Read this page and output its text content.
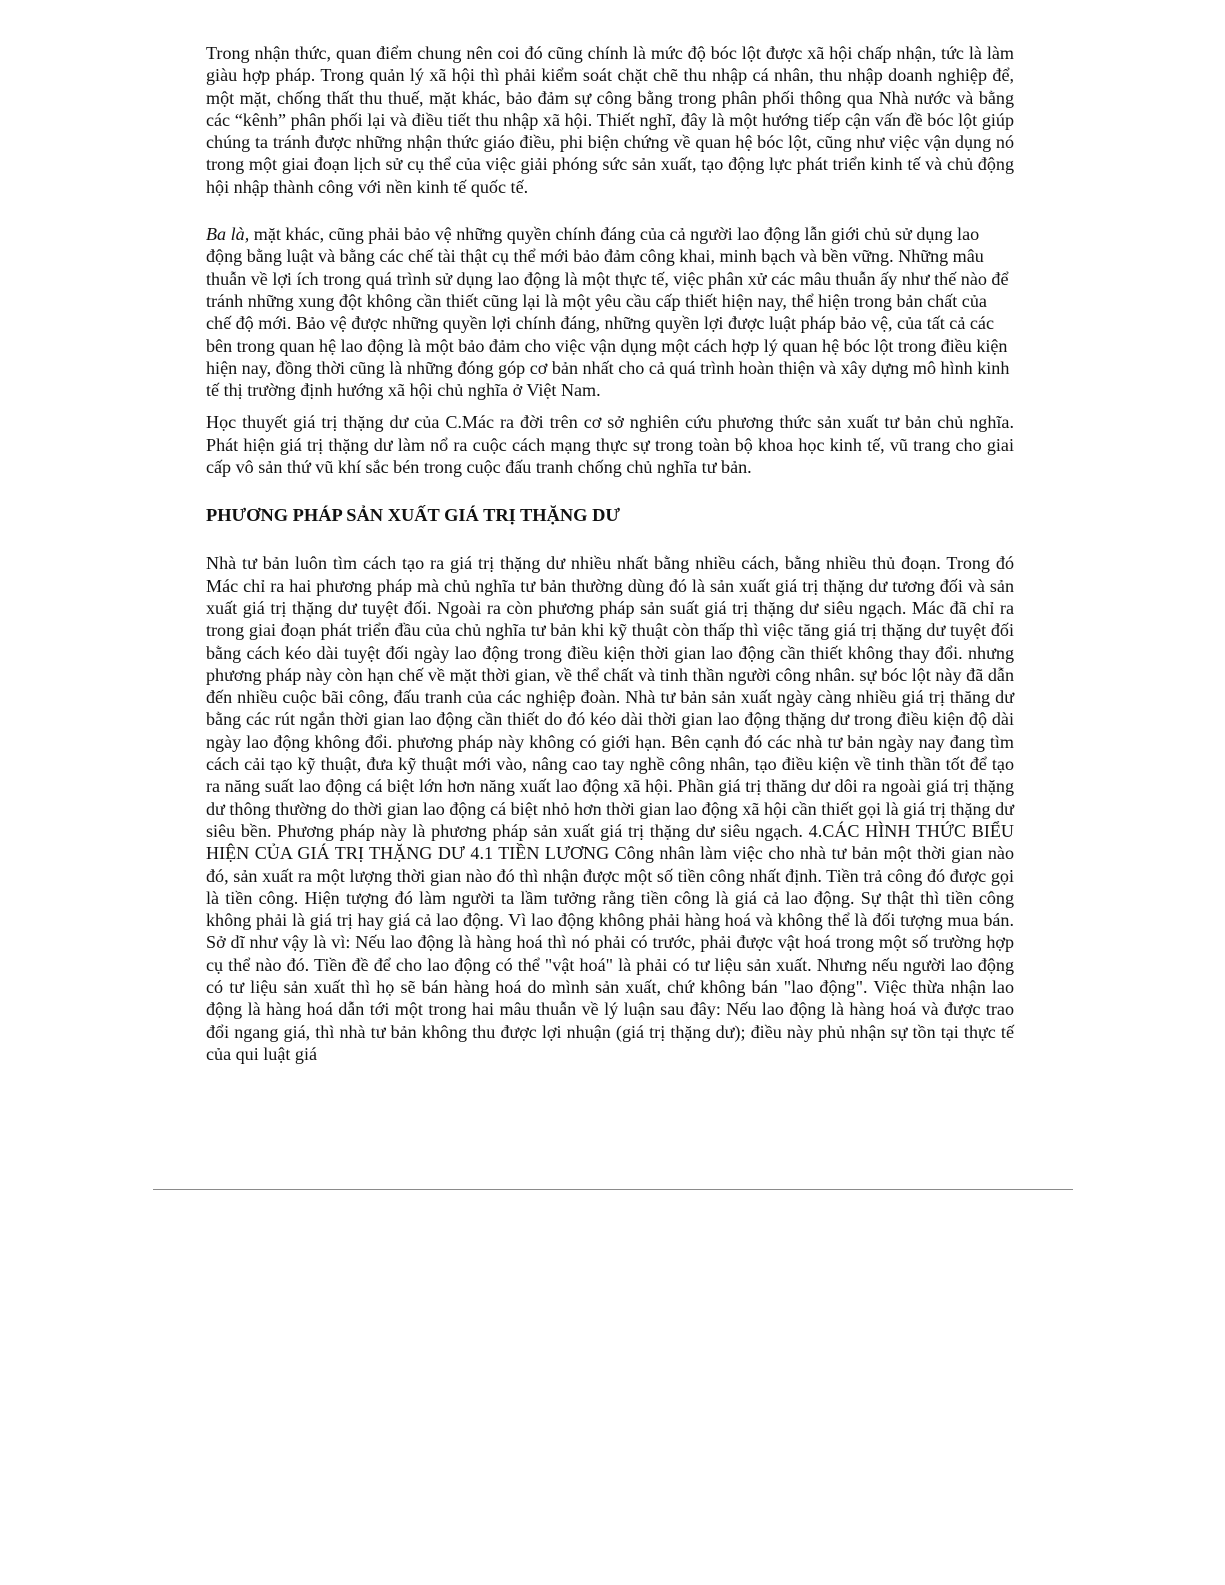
Trong nhận thức, quan điểm chung nên coi đó cũng chính là mức độ bóc lột được xã hội chấp nhận, tức là làm giàu hợp pháp. Trong quản lý xã hội thì phải kiểm soát chặt chẽ thu nhập cá nhân, thu nhập doanh nghiệp để, một mặt, chống thất thu thuế, mặt khác, bảo đảm sự công bằng trong phân phối thông qua Nhà nước và bằng các “kênh” phân phối lại và điều tiết thu nhập xã hội. Thiết nghĩ, đây là một hướng tiếp cận vấn đề bóc lột giúp chúng ta tránh được những nhận thức giáo điều, phi biện chứng về quan hệ bóc lột, cũng như việc vận dụng nó trong một giai đoạn lịch sử cụ thể của việc giải phóng sức sản xuất, tạo động lực phát triển kinh tế và chủ động hội nhập thành công với nền kinh tế quốc tế.

Ba là, mặt khác, cũng phải bảo vệ những quyền chính đáng của cả người lao động lẫn giới chủ sử dụng lao động bằng luật và bằng các chế tài thật cụ thể mới bảo đảm công khai, minh bạch và bền vững. Những mâu thuẫn về lợi ích trong quá trình sử dụng lao động là một thực tế, việc phân xử các mâu thuẫn ấy như thế nào để tránh những xung đột không cần thiết cũng lại là một yêu cầu cấp thiết hiện nay, thể hiện trong bản chất của chế độ mới. Bảo vệ được những quyền lợi chính đáng, những quyền lợi được luật pháp bảo vệ, của tất cả các bên trong quan hệ lao động là một bảo đảm cho việc vận dụng một cách hợp lý quan hệ bóc lột trong điều kiện hiện nay, đồng thời cũng là những đóng góp cơ bản nhất cho cả quá trình hoàn thiện và xây dựng mô hình kinh tế thị trường định hướng xã hội chủ nghĩa ở Việt Nam.

Học thuyết giá trị thặng dư của C.Mác ra đời trên cơ sở nghiên cứu phương thức sản xuất tư bản chủ nghĩa. Phát hiện giá trị thặng dư làm nổ ra cuộc cách mạng thực sự trong toàn bộ khoa học kinh tế, vũ trang cho giai cấp vô sản thứ vũ khí sắc bén trong cuộc đấu tranh chống chủ nghĩa tư bản.

PHƯƠNG PHÁP SẢN XUẤT GIÁ TRỊ THẶNG DƯ

Nhà tư bản luôn tìm cách tạo ra giá trị thặng dư nhiều nhất bằng nhiều cách, bằng nhiều thủ đoạn. Trong đó Mác chỉ ra hai phương pháp mà chủ nghĩa tư bản thường dùng đó là sản xuất giá trị thặng dư tương đối và sản xuất giá trị thặng dư tuyệt đối. Ngoài ra còn phương pháp sản suất giá trị thặng dư siêu ngạch. Mác đã chỉ ra trong giai đoạn phát triển đầu của chủ nghĩa tư bản khi kỹ thuật còn thấp thì việc tăng giá trị thặng dư tuyệt đối bằng cách kéo dài tuyệt đối ngày lao động trong điều kiện thời gian lao động cần thiết không thay đổi. nhưng phương pháp này còn hạn chế về mặt thời gian, về thể chất và tinh thần người công nhân. sự bóc lột này đã dẫn đến nhiều cuộc bãi công, đấu tranh của các nghiệp đoàn. Nhà tư bản sản xuất ngày càng nhiều giá trị thăng dư bằng các rút ngắn thời gian lao động cần thiết do đó kéo dài thời gian lao động thặng dư trong điều kiện độ dài ngày lao động không đổi. phương pháp này không có giới hạn. Bên cạnh đó các nhà tư bản ngày nay đang tìm cách cải tạo kỹ thuật, đưa kỹ thuật mới vào, nâng cao tay nghề công nhân, tạo điều kiện về tinh thần tốt để tạo ra năng suất lao động cá biệt lớn hơn năng xuất lao động xã hội. Phần giá trị thăng dư dôi ra ngoài giá trị thặng dư thông thường do thời gian lao động cá biệt nhỏ hơn thời gian lao động xã hội cần thiết gọi là giá trị thặng dư siêu bền. Phương pháp này là phương pháp sản xuất giá trị thặng dư siêu ngạch. 4.CÁC HÌNH THỨC BIỂU HIỆN CỦA GIÁ TRỊ THẶNG DƯ 4.1 TIỀN LƯƠNG Công nhân làm việc cho nhà tư bản một thời gian nào đó, sản xuất ra một lượng thời gian nào đó thì nhận được một số tiền công nhất định. Tiền trả công đó được gọi là tiền công. Hiện tượng đó làm người ta lầm tưởng rằng tiền công là giá cả lao động. Sự thật thì tiền công không phải là giá trị hay giá cả lao động. Vì lao động không phải hàng hoá và không thể là đối tượng mua bán. Sở dĩ như vậy là vì: Nếu lao động là hàng hoá thì nó phải có trước, phải được vật hoá trong một số trường hợp cụ thể nào đó. Tiền đề để cho lao động có thể "vật hoá" là phải có tư liệu sản xuất. Nhưng nếu người lao động có tư liệu sản xuất thì họ sẽ bán hàng hoá do mình sản xuất, chứ không bán "lao động". Việc thừa nhận lao động là hàng hoá dẫn tới một trong hai mâu thuẫn về lý luận sau đây: Nếu lao động là hàng hoá và được trao đổi ngang giá, thì nhà tư bản không thu được lợi nhuận (giá trị thặng dư); điều này phủ nhận sự tồn tại thực tế của qui luật giá
